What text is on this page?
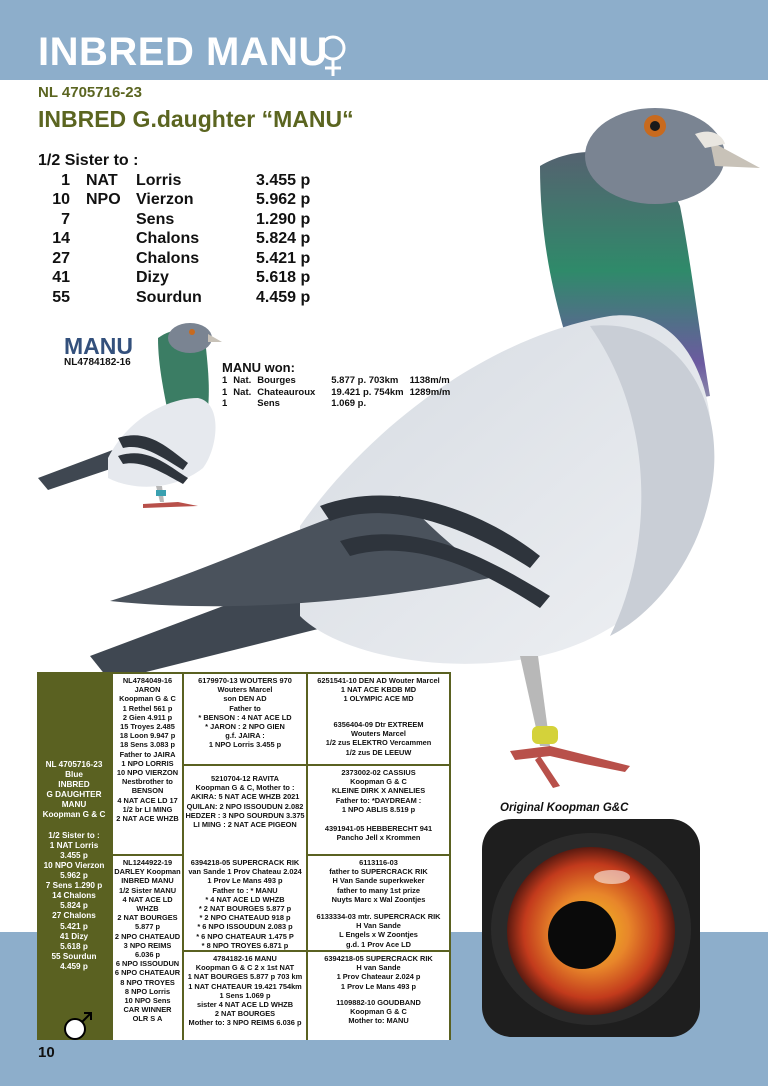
INBRED MANU
NL 4705716-23
INBRED G.daughter “MANU“
1/2 Sister to :
1	NAT	Lorris	3.455 p
10	NPO	Vierzon	5.962 p
7		Sens	1.290 p
14		Chalons	5.824 p
27		Chalons	5.421 p
41		Dizy	5.618 p
55		Sourdun	4.459 p
MANU
NL4784182-16	MANU won:
1	Nat.	Bourges	5.877 p. 703km	1138m/m
1	Nat.	Chateauroux	19.421 p. 754km	1289m/m
1		Sens	1.069 p.	
Original Koopman G&C
NL 4705716-23
Blue
INBRED
G DAUGHTER
MANU
Koopman G & C

1/2 Sister to :
1 NAT Lorris
3.455 p
10 NPO Vierzon
5.962 p
7 Sens 1.290 p
14 Chalons
5.824 p
27 Chalons
5.421 p
41 Dizy
5.618 p
55 Sourdun
4.459 p
NL4784049-16
JARON
Koopman G & C
1 Rethel 561 p
2 Gien 4.911 p
15 Troyes 2.485
18 Loon 9.947 p
18 Sens 3.083 p
Father to JAIRA
1 NPO LORRIS
10 NPO VIERZON
Nestbrother to
BENSON
4 NAT ACE LD 17
1/2 br LI MING
2 NAT ACE WHZB
NL1244922-19
DARLEY Koopman
INBRED MANU
1/2 Sister MANU
4 NAT ACE LD
WHZB
2 NAT BOURGES
5.877 p
2 NPO CHATEAUD
3 NPO REIMS
6.036 p
6 NPO ISSOUDUN
6 NPO CHATEAUR
8 NPO TROYES
8 NPO Lorris
10 NPO Sens
CAR WINNER
OLR S A
6179970-13 WOUTERS 970
Wouters Marcel
son DEN AD
Father to
* BENSON : 4 NAT ACE LD
* JARON : 2 NPO GIEN
g.f. JAIRA :
1 NPO Lorris 3.455 p
5210704-12 RAVITA
Koopman G & C, Mother to :
AKIRA: 5 NAT ACE WHZB 2021
QUILAN: 2 NPO ISSOUDUN 2.082
HEDZER : 3 NPO SOURDUN 3.375
LI MING : 2 NAT ACE PIGEON
6394218-05 SUPERCRACK RIK
van Sande 1 Prov Chateau 2.024
1 Prov Le Mans 493 p
Father to : * MANU
* 4 NAT ACE LD WHZB
* 2 NAT BOURGES 5.877 p
* 2 NPO CHATEAUD 918 p
* 6 NPO ISSOUDUN 2.083 p
* 6 NPO CHATEAUR 1.475 P
* 8 NPO TROYES 6.871 p
4784182-16 MANU
Koopman G & C 2 x 1st NAT
1 NAT BOURGES 5.877 p 703 km
1 NAT CHATEAUR 19.421 754km
1 Sens 1.069 p
sister 4 NAT ACE LD WHZB
2 NAT BOURGES
Mother to: 3 NPO REIMS 6.036 p
6251541-10 DEN AD Wouter Marcel
1 NAT ACE KBDB MD
1 OLYMPIC ACE MD
6356404-09 Dtr EXTREEM
Wouters Marcel
1/2 zus ELEKTRO Vercammen
1/2 zus DE LEEUW
2373002-02 CASSIUS
Koopman G & C
KLEINE DIRK X ANNELIES
Father to: *DAYDREAM :
1 NPO ABLIS 8.519 p
4391941-05 HEBBERECHT 941
Pancho Jell x Krommen
6113116-03
father to SUPERCRACK RIK
H Van Sande superkweker
father to many 1st prize
Nuyts Marc x Wal Zoontjes
6133334-03 mtr. SUPERCRACK RIK
H Van Sande
L Engels x W Zoontjes
g.d. 1 Prov Ace LD
6394218-05 SUPERCRACK RIK
H van Sande
1 Prov Chateaur 2.024 p
1 Prov Le Mans 493 p
1109882-10 GOUDBAND
Koopman G & C
Mother to: MANU
10
